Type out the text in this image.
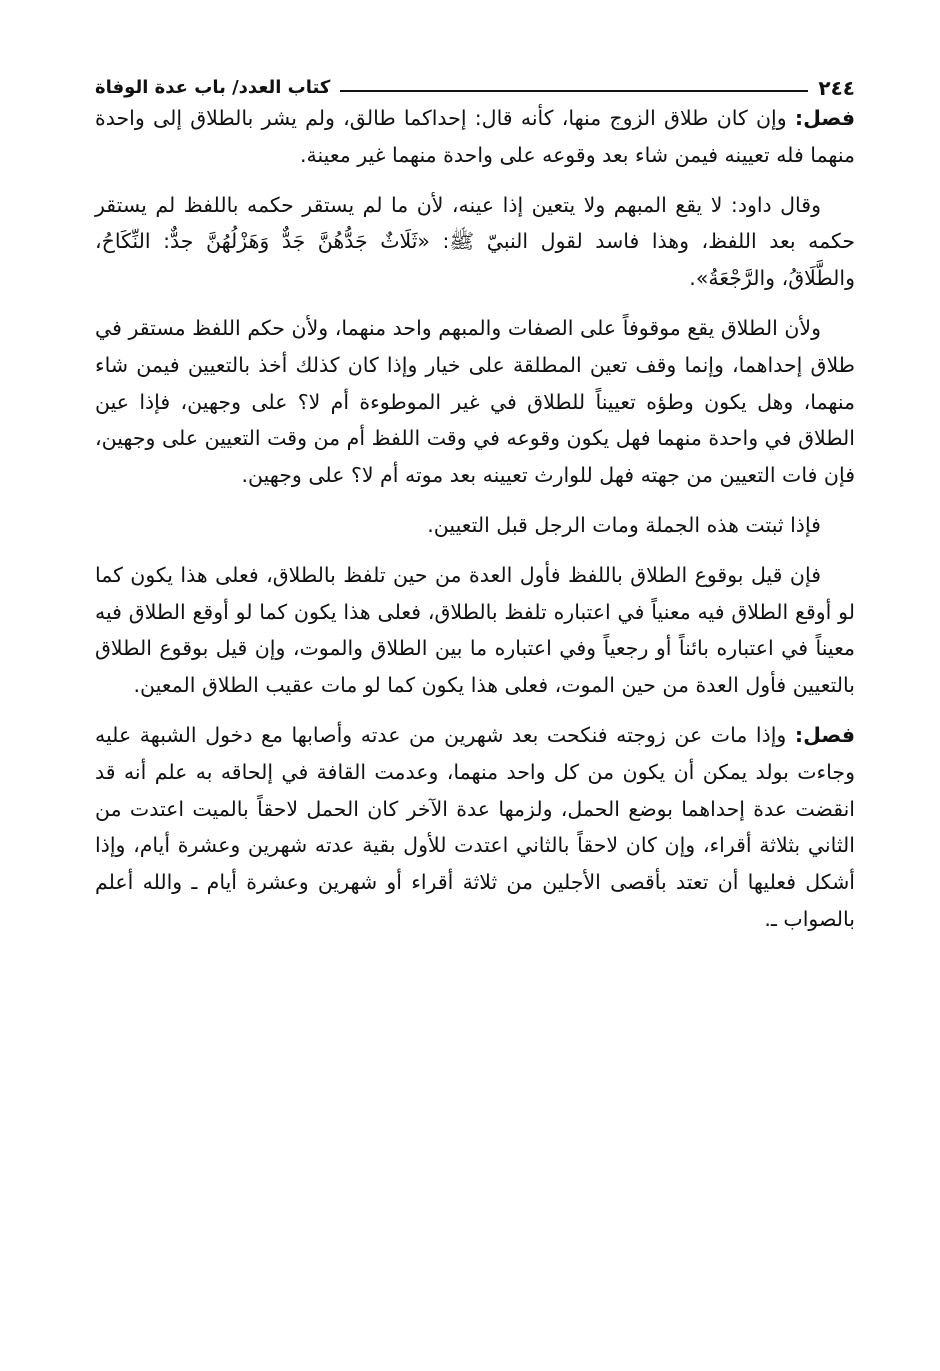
٢٤٤
كتاب العدد/ باب عدة الوفاة

فصل: وإن كان طلاق الزوج منها، كأنه قال: إحداكما طالق، ولم يشر بالطلاق إلى واحدة منهما فله تعيينه فيمن شاء بعد وقوعه على واحدة منهما غير معينة.

وقال داود: لا يقع المبهم ولا يتعين إذا عينه، لأن ما لم يستقر حكمه باللفظ لم يستقر حكمه بعد اللفظ، وهذا فاسد لقول النبيّ ﷺ: «ثَلَاثٌ جَدُّهُنَّ جَدٌّ وَهَزْلُهُنَّ جدٌّ: النِّكَاحُ، والطَّلَاقُ، والرَّجْعَةُ».

ولأن الطلاق يقع موقوفاً على الصفات والمبهم واحد منهما، ولأن حكم اللفظ مستقر في طلاق إحداهما، وإنما وقف تعين المطلقة على خيار وإذا كان كذلك أخذ بالتعيين فيمن شاء منهما، وهل يكون وطؤه تعييناً للطلاق في غير الموطوءة أم لا؟ على وجهين، فإذا عين الطلاق في واحدة منهما فهل يكون وقوعه في وقت اللفظ أم من وقت التعيين على وجهين، فإن فات التعيين من جهته فهل للوارث تعيينه بعد موته أم لا؟ على وجهين.

فإذا ثبتت هذه الجملة ومات الرجل قبل التعيين.

فإن قيل بوقوع الطلاق باللفظ فأول العدة من حين تلفظ بالطلاق، فعلى هذا يكون كما لو أوقع الطلاق فيه معنياً في اعتباره تلفظ بالطلاق، فعلى هذا يكون كما لو أوقع الطلاق فيه معيناً في اعتباره بائناً أو رجعياً وفي اعتباره ما بين الطلاق والموت، وإن قيل بوقوع الطلاق بالتعيين فأول العدة من حين الموت، فعلى هذا يكون كما لو مات عقيب الطلاق المعين.

فصل: وإذا مات عن زوجته فنكحت بعد شهرين من عدته وأصابها مع دخول الشبهة عليه وجاءت بولد يمكن أن يكون من كل واحد منهما، وعدمت القافة في إلحاقه به علم أنه قد انقضت عدة إحداهما بوضع الحمل، ولزمها عدة الآخر كان الحمل لاحقاً بالميت اعتدت من الثاني بثلاثة أقراء، وإن كان لاحقاً بالثاني اعتدت للأول بقية عدته شهرين وعشرة أيام، وإذا أشكل فعليها أن تعتد بأقصى الأجلين من ثلاثة أقراء أو شهرين وعشرة أيام ـ والله أعلم بالصواب ـ.
